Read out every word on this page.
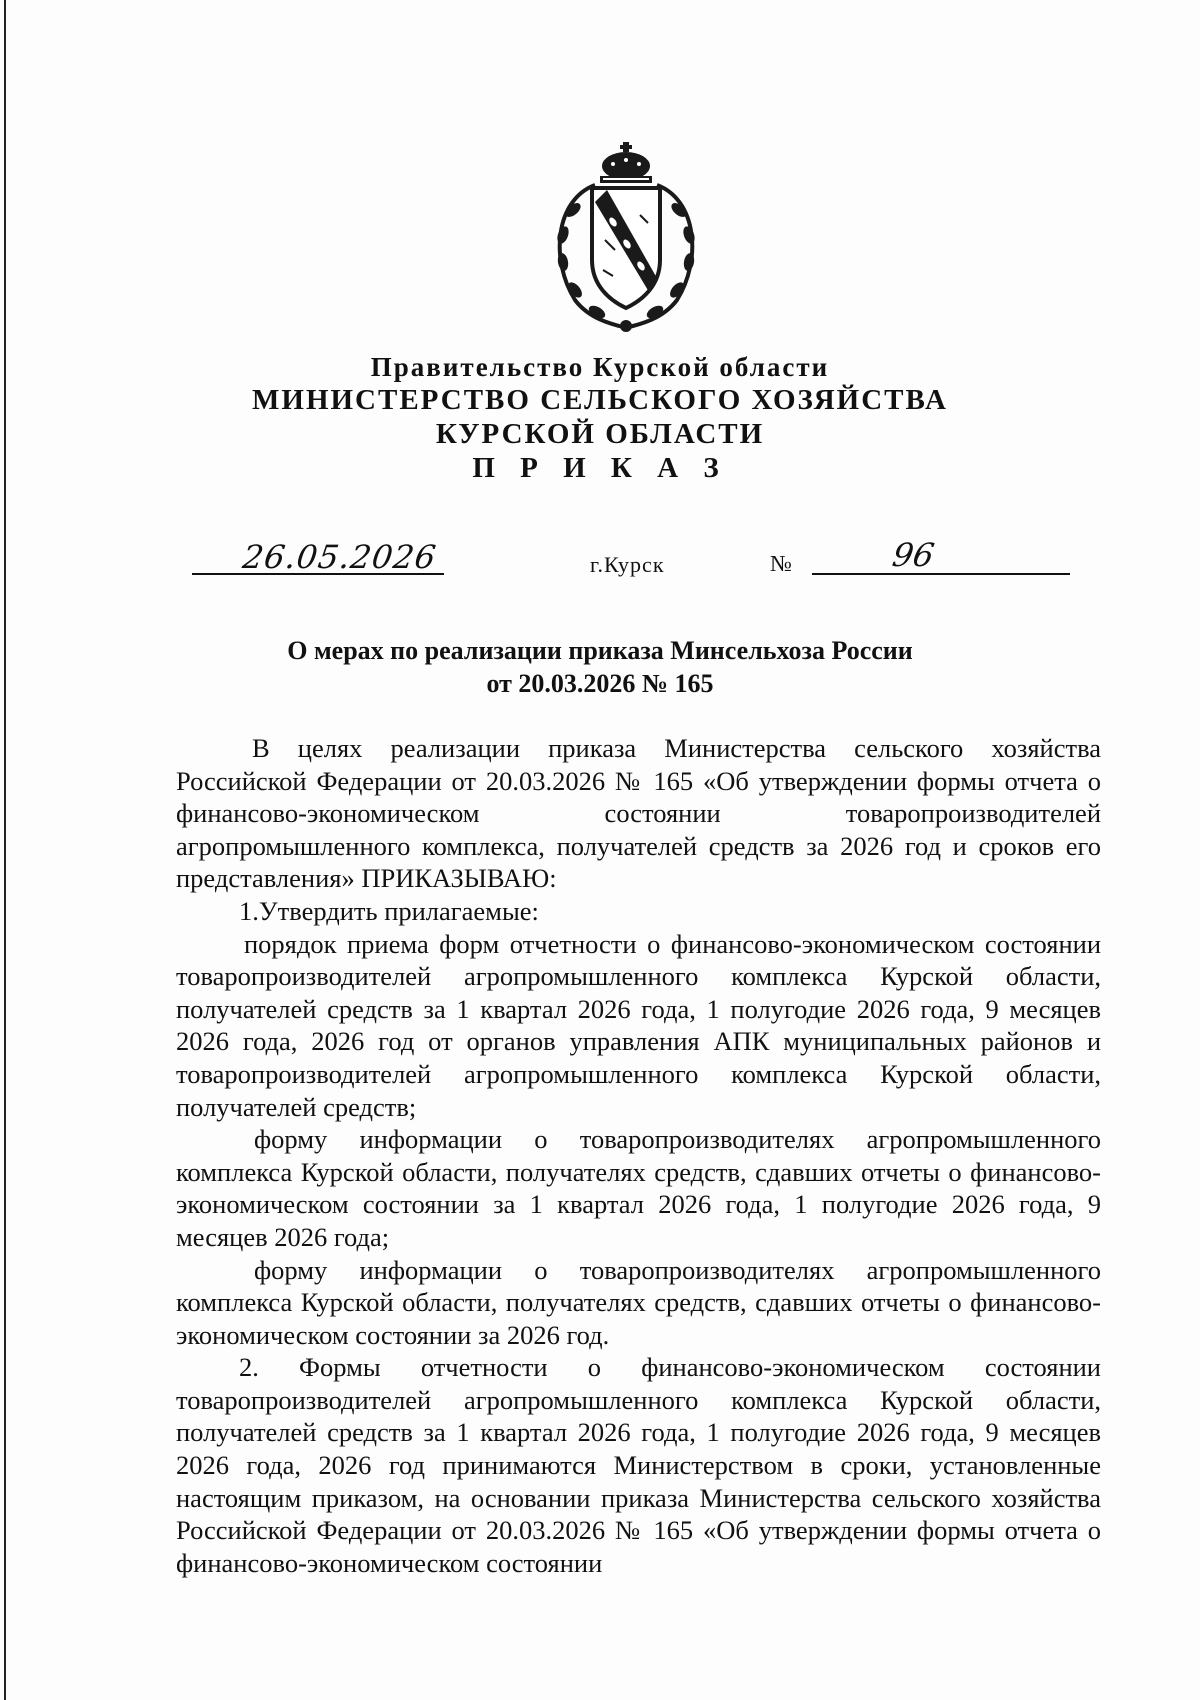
Правительство Курской области
МИНИСТЕРСТВО СЕЛЬСКОГО ХОЗЯЙСТВА
КУРСКОЙ ОБЛАСТИ
П Р И К А З
26.05.2026	г.Курск	№	96
О мерах по реализации приказа Минсельхоза России
от 20.03.2026 № 165

В целях реализации приказа Министерства сельского хозяйства Российской Федерации от 20.03.2026 № 165 «Об утверждении формы отчета о финансово-экономическом состоянии товаропроизводителей агропромышленного комплекса, получателей средств за 2026 год и сроков его представления» ПРИКАЗЫВАЮ:

1.Утвердить прилагаемые:

порядок приема форм отчетности о финансово-экономическом состоянии товаропроизводителей агропромышленного комплекса Курской области, получателей средств за 1 квартал 2026 года, 1 полугодие 2026 года, 9 месяцев 2026 года, 2026 год от органов управления АПК муниципальных районов и товаропроизводителей агропромышленного комплекса Курской области, получателей средств;

форму информации о товаропроизводителях агропромышленного комплекса Курской области, получателях средств, сдавших отчеты о финансово-экономическом состоянии за 1 квартал 2026 года, 1 полугодие 2026 года, 9 месяцев 2026 года;

форму информации о товаропроизводителях агропромышленного комплекса Курской области, получателях средств, сдавших отчеты о финансово-экономическом состоянии за 2026 год.

2. Формы отчетности о финансово-экономическом состоянии товаропроизводителей агропромышленного комплекса Курской области, получателей средств за 1 квартал 2026 года, 1 полугодие 2026 года, 9 месяцев 2026 года, 2026 год принимаются Министерством в сроки, установленные настоящим приказом, на основании приказа Министерства сельского хозяйства Российской Федерации от 20.03.2026 № 165 «Об утверждении формы отчета о финансово-экономическом состоянии
